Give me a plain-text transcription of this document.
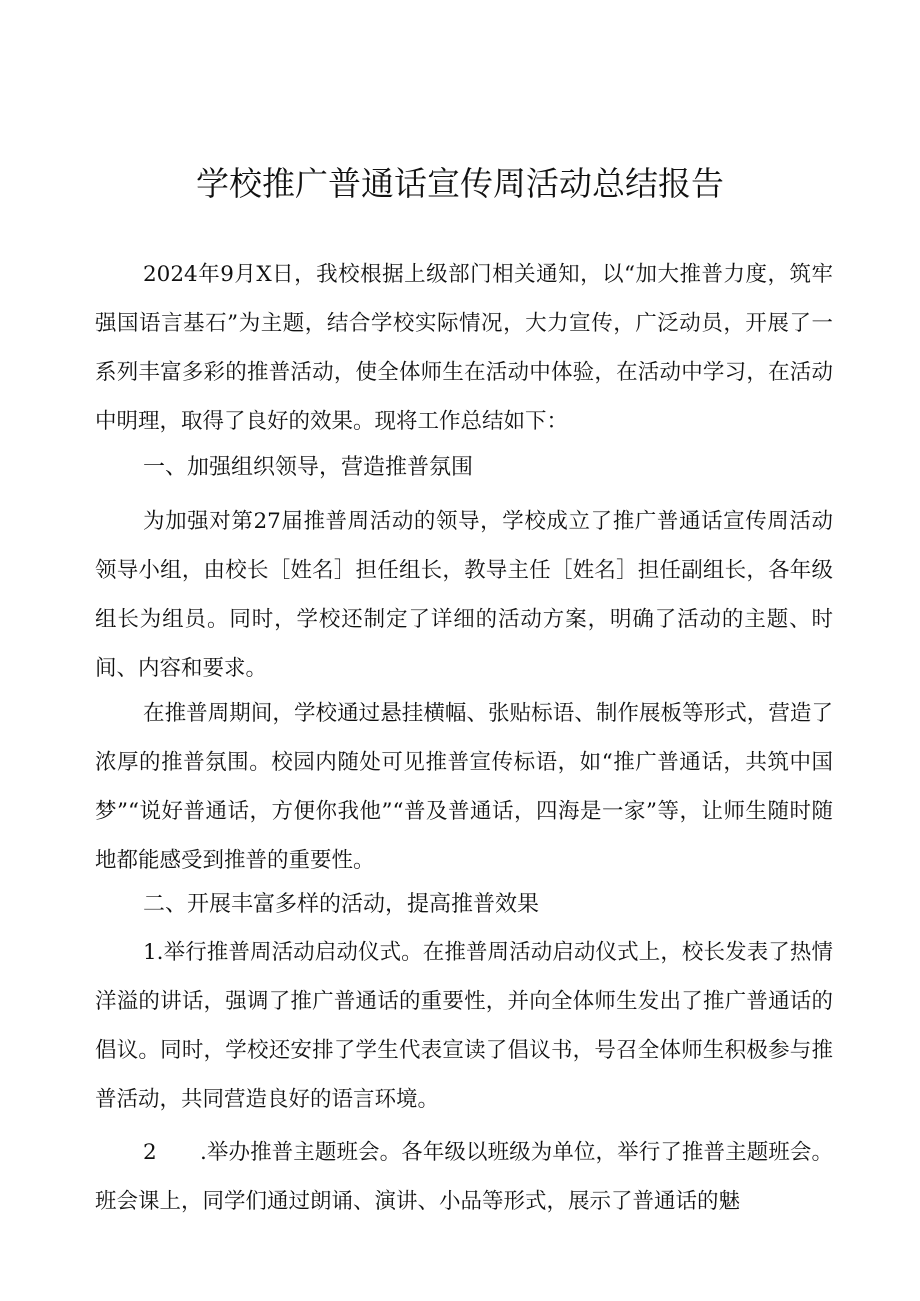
学校推广普通话宣传周活动总结报告

2024年9月X日，我校根据上级部门相关通知，以“加大推普力度，筑牢强国语言基石”为主题，结合学校实际情况，大力宣传，广泛动员，开展了一系列丰富多彩的推普活动，使全体师生在活动中体验，在活动中学习，在活动中明理，取得了良好的效果。现将工作总结如下：

一、加强组织领导，营造推普氛围

为加强对第27届推普周活动的领导，学校成立了推广普通话宣传周活动领导小组，由校长［姓名］担任组长，教导主任［姓名］担任副组长，各年级组长为组员。同时，学校还制定了详细的活动方案，明确了活动的主题、时间、内容和要求。

在推普周期间，学校通过悬挂横幅、张贴标语、制作展板等形式，营造了浓厚的推普氛围。校园内随处可见推普宣传标语，如“推广普通话，共筑中国梦”“说好普通话，方便你我他”“普及普通话，四海是一家”等，让师生随时随地都能感受到推普的重要性。

二、开展丰富多样的活动，提高推普效果

1.举行推普周活动启动仪式。在推普周活动启动仪式上，校长发表了热情洋溢的讲话，强调了推广普通话的重要性，并向全体师生发出了推广普通话的倡议。同时，学校还安排了学生代表宣读了倡议书，号召全体师生积极参与推普活动，共同营造良好的语言环境。

2　　.举办推普主题班会。各年级以班级为单位，举行了推普主题班会。班会课上，同学们通过朗诵、演讲、小品等形式，展示了普通话的魅
